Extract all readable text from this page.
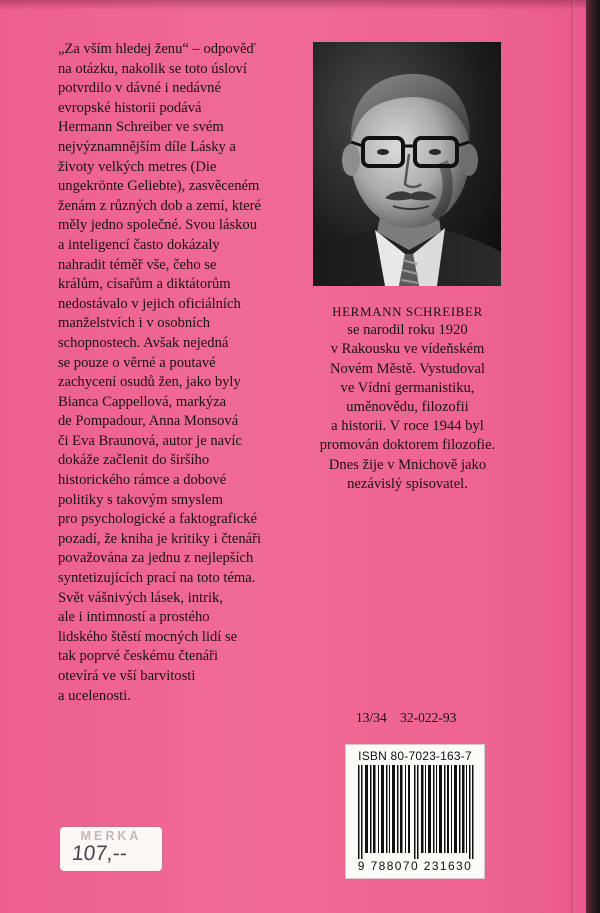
„Za vším hledej ženu“ – odpověď
na otázku, nakolik se toto úsloví
potvrdilo v dávné i nedávné
evropské historii podává
Hermann Schreiber ve svém
nejvýznamnějším díle Lásky a
životy velkých metres (Die
ungekrönte Geliebte), zasvěceném
ženám z různých dob a zemí, které
měly jedno společné. Svou láskou
a inteligencí často dokázaly
nahradit téměř vše, čeho se
králům, císařům a diktátorům
nedostávalo v jejich oficiálních
manželstvích i v osobních
schopnostech. Avšak nejedná
se pouze o věrné a poutavé
zachycení osudů žen, jako byly
Bianca Cappellová, markýza
de Pompadour, Anna Monsová
či Eva Braunová, autor je navíc
dokáže začlenit do širšího
historického rámce a dobové
politiky s takovým smyslem
pro psychologické a faktografické
pozadí, že kniha je kritiky i čtenáři
považována za jednu z nejlepších
syntetizujících prací na toto téma.
Svět vášnivých lásek, intrik,
ale i intimností a prostého
lidského štěstí mocných lidí se
tak poprvé českému čtenáři
otevírá ve vší barvitosti
a ucelenosti.
HERMANN SCHREIBER
se narodil roku 1920
v Rakousku ve vídeňském
Novém Městě. Vystudoval
ve Vídni germanistiku,
uměnovědu, filozofii
a historii. V roce 1944 byl
promován doktorem filozofie.
Dnes žije v Mnichově jako
nezávislý spisovatel.
13/34 32-022-93
ISBN 80-7023-163-7
9 788070 231630
MERKA
107,--
